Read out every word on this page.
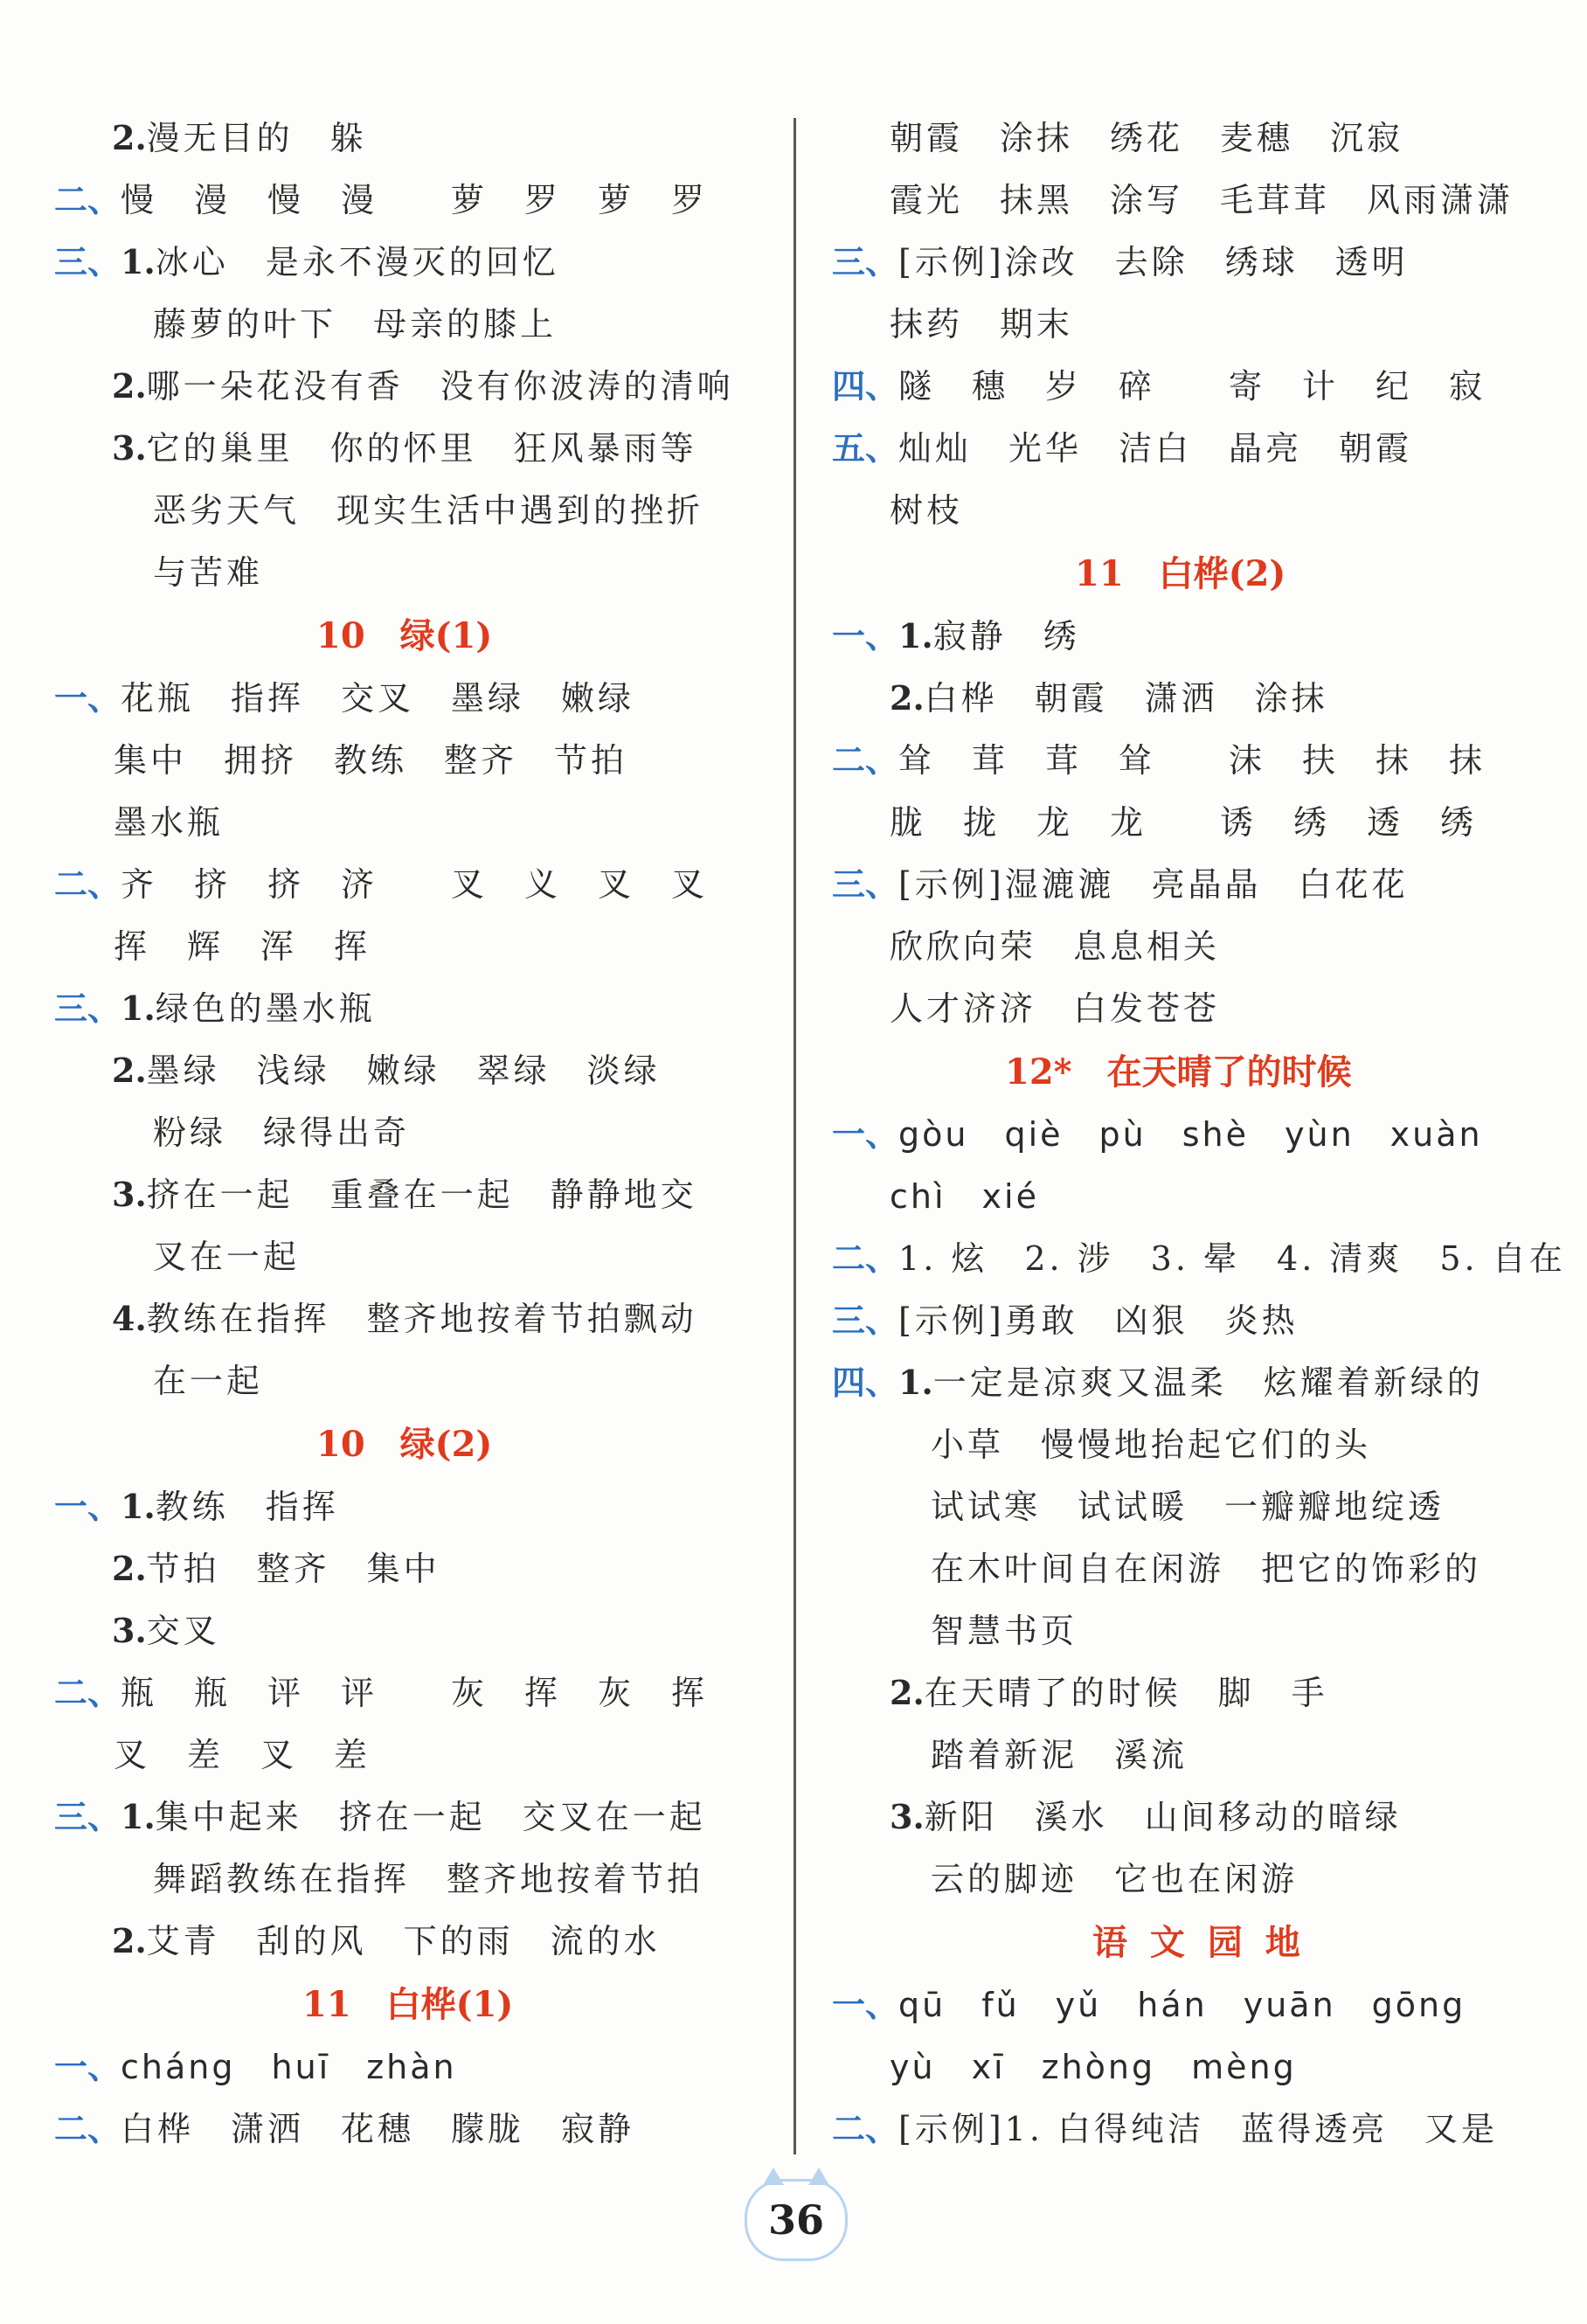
2.漫无目的　躲
二、慢　漫　慢　漫　　萝　罗　萝　罗
三、1.冰心　是永不漫灭的回忆
藤萝的叶下　母亲的膝上
2.哪一朵花没有香　没有你波涛的清响
3.它的巢里　你的怀里　狂风暴雨等
恶劣天气　现实生活中遇到的挫折
与苦难
10　绿(1)
一、花瓶　指挥　交叉　墨绿　嫩绿
集中　拥挤　教练　整齐　节拍
墨水瓶
二、齐　挤　挤　济　　叉　义　叉　叉
挥　辉　浑　挥
三、1.绿色的墨水瓶
2.墨绿　浅绿　嫩绿　翠绿　淡绿
粉绿　绿得出奇
3.挤在一起　重叠在一起　静静地交
叉在一起
4.教练在指挥　整齐地按着节拍飘动
在一起
10　绿(2)
一、1.教练　指挥
2.节拍　整齐　集中
3.交叉
二、瓶　瓶　评　评　　灰　挥　灰　挥
叉　差　叉　差
三、1.集中起来　挤在一起　交叉在一起
舞蹈教练在指挥　整齐地按着节拍
2.艾青　刮的风　下的雨　流的水
11　白桦(1)
一、cháng　huī　zhàn
二、白桦　潇洒　花穗　朦胧　寂静
朝霞　涂抹　绣花　麦穗　沉寂
霞光　抹黑　涂写　毛茸茸　风雨潇潇
三、[示例]涂改　去除　绣球　透明
抹药　期末
四、隧　穗　岁　碎　　寄　计　纪　寂
五、灿灿　光华　洁白　晶亮　朝霞
树枝
11　白桦(2)
一、1.寂静　绣
2.白桦　朝霞　潇洒　涂抹
二、耸　茸　茸　耸　　沫　扶　抹　抹
胧　拢　龙　龙　　诱　绣　透　绣
三、[示例]湿漉漉　亮晶晶　白花花
欣欣向荣　息息相关
人才济济　白发苍苍
12*　在天晴了的时候
一、gòu　qiè　pù　shè　yùn　xuàn
chì　xié
二、1. 炫　2. 涉　3. 晕　4. 清爽　5. 自在
三、[示例]勇敢　凶狠　炎热
四、1.一定是凉爽又温柔　炫耀着新绿的
小草　慢慢地抬起它们的头
试试寒　试试暖　一瓣瓣地绽透
在木叶间自在闲游　把它的饰彩的
智慧书页
2.在天晴了的时候　脚　手
踏着新泥　溪流
3.新阳　溪水　山间移动的暗绿
云的脚迹　它也在闲游
语 文 园 地
一、qū　fǔ　yǔ　hán　yuān　gōng
yù　xī　zhòng　mèng
二、[示例]1. 白得纯洁　蓝得透亮　又是
36
